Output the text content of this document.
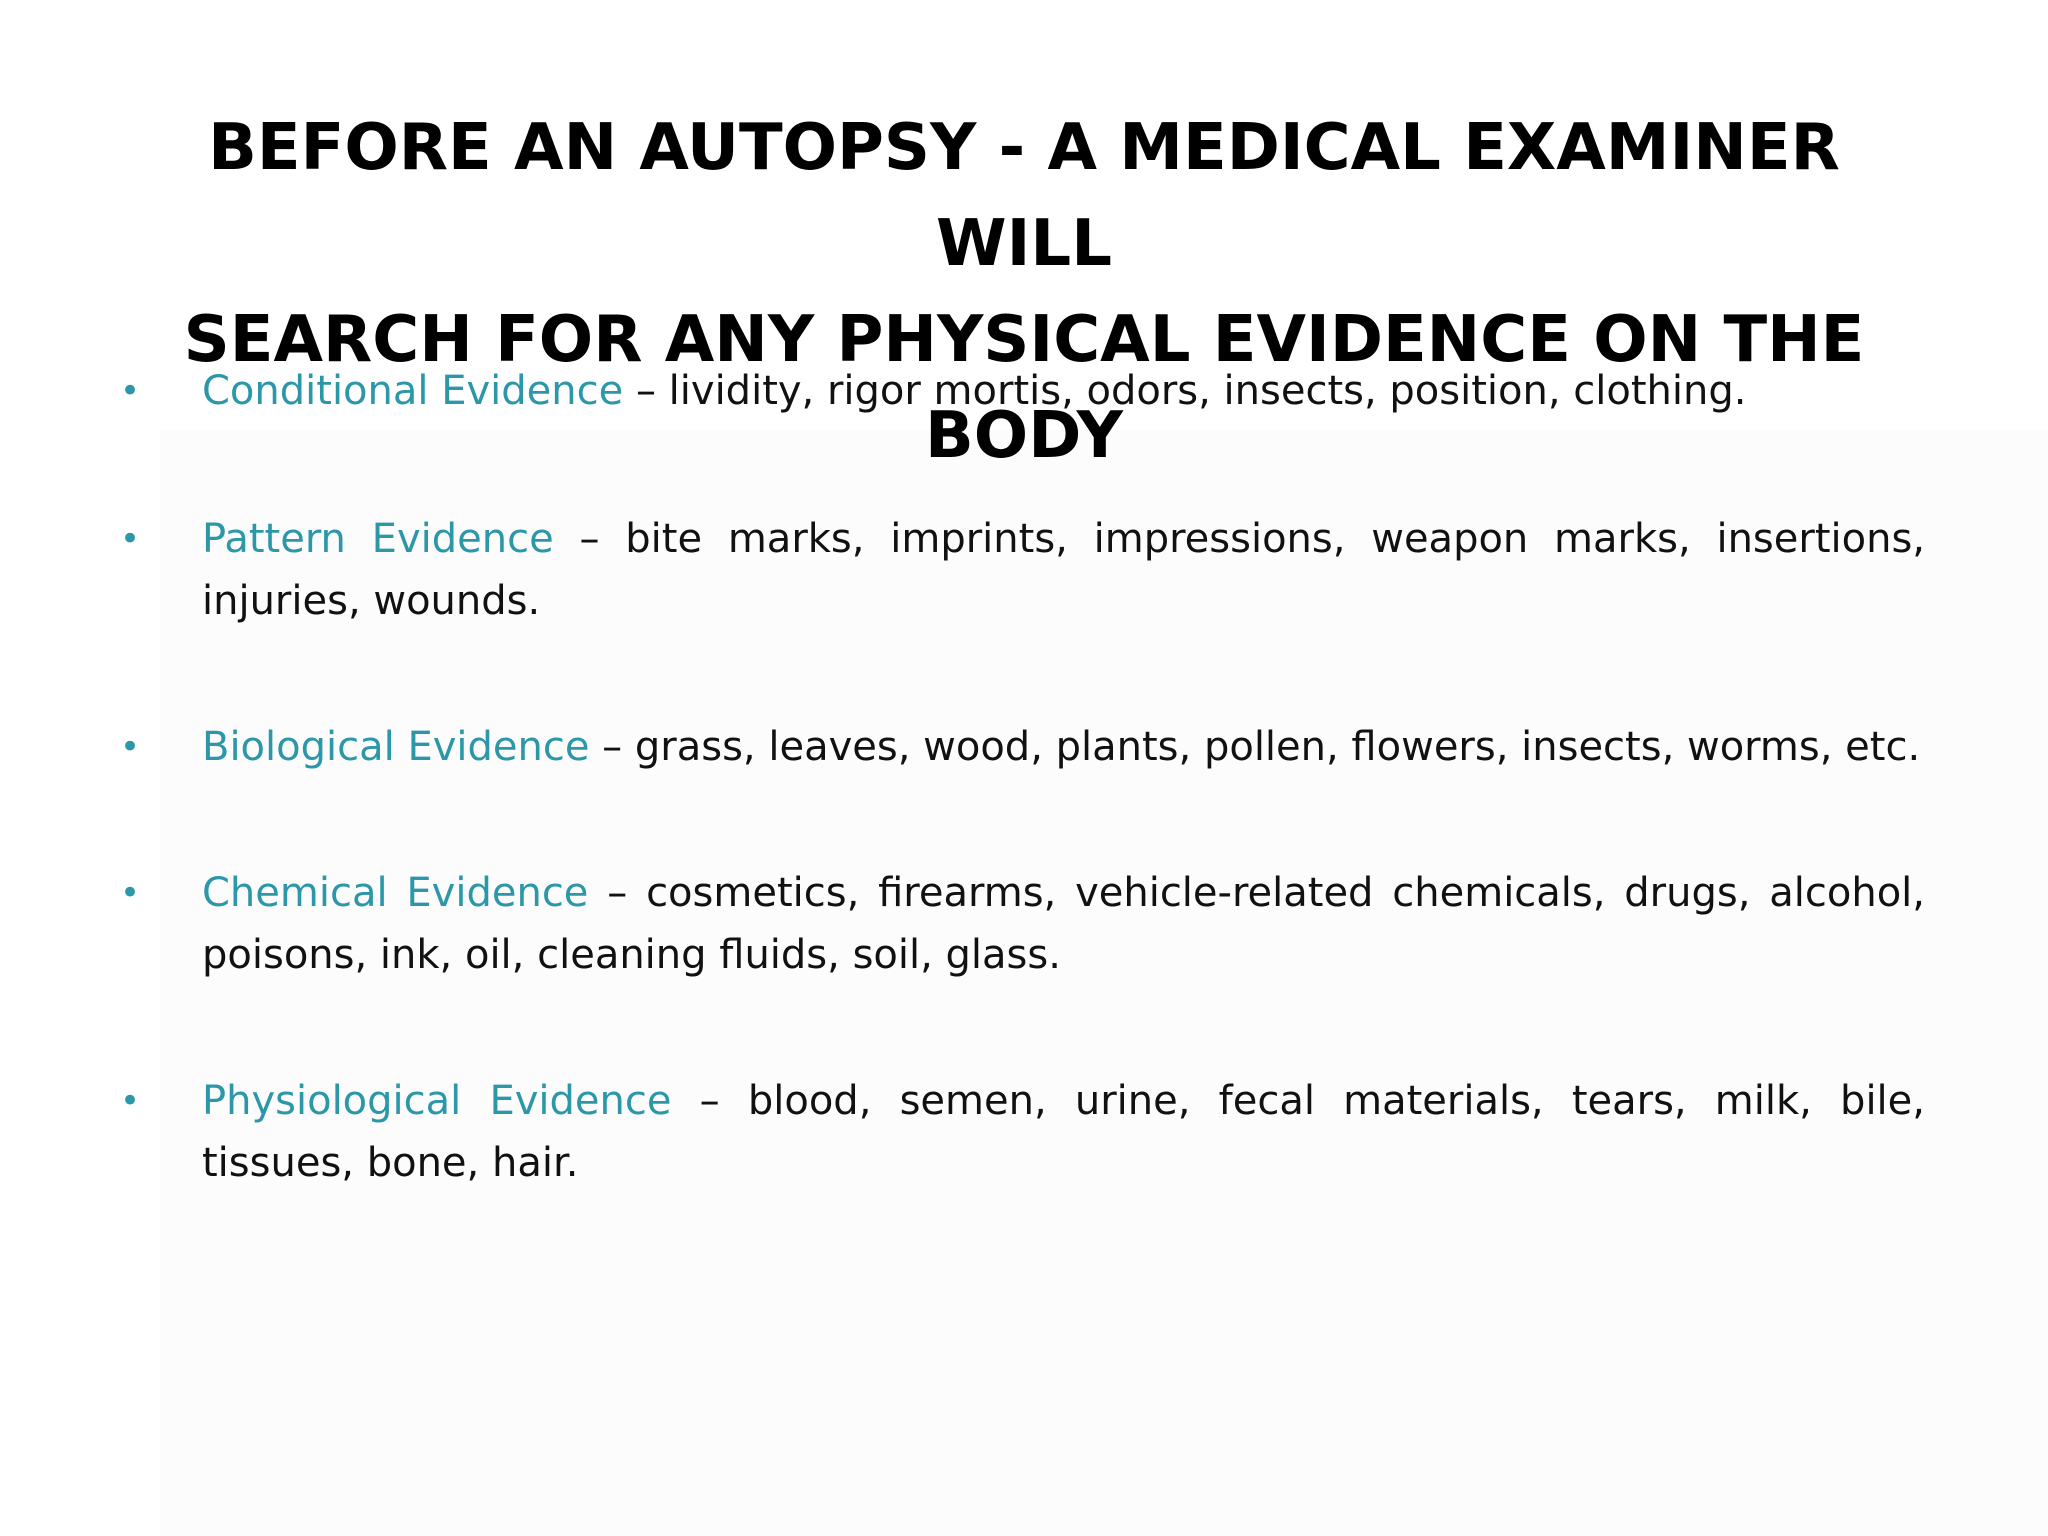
BEFORE AN AUTOPSY - A MEDICAL EXAMINER WILL
SEARCH FOR ANY PHYSICAL EVIDENCE ON THE BODY
•	Conditional Evidence – lividity, rigor mortis, odors, insects, position, clothing.
•	Pattern Evidence – bite marks, imprints, impressions, weapon marks, insertions, injuries, wounds.
•	Biological Evidence – grass, leaves, wood, plants, pollen, flowers, insects, worms, etc.
•	Chemical Evidence – cosmetics, firearms, vehicle-related chemicals, drugs, alcohol, poisons, ink, oil, cleaning fluids, soil, glass.
•	Physiological Evidence – blood, semen, urine, fecal materials, tears, milk, bile, tissues, bone, hair.
